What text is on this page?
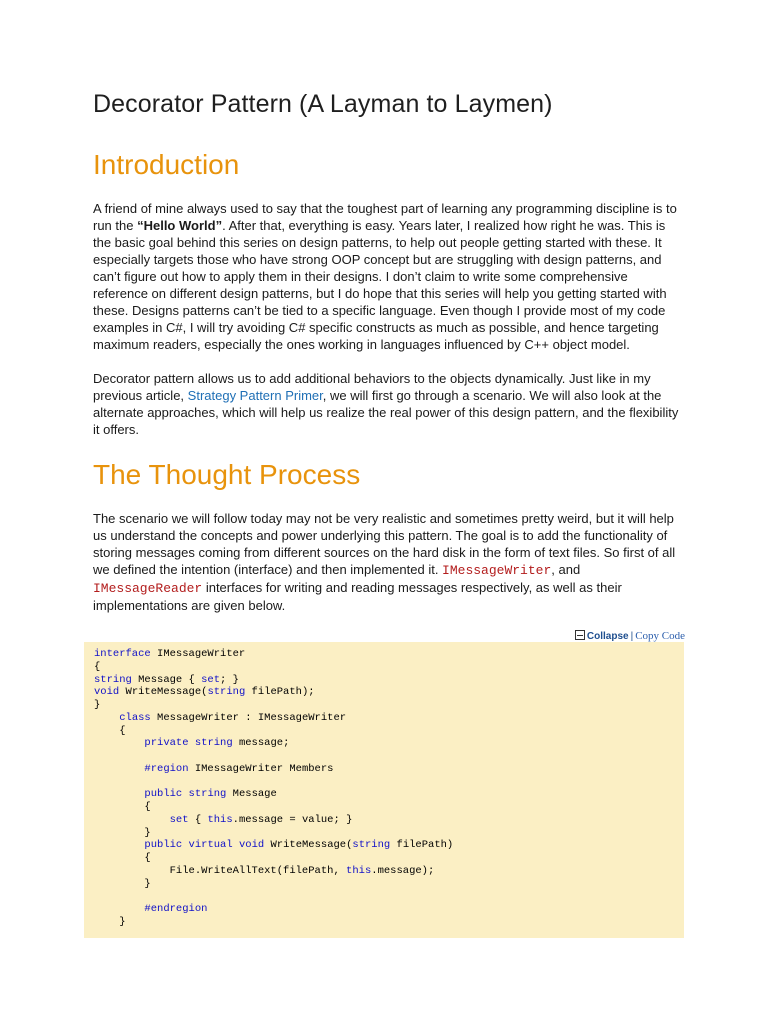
Decorator Pattern (A Layman to Laymen)
Introduction

A friend of mine always used to say that the toughest part of learning any programming discipline is to run the “Hello World”. After that, everything is easy. Years later, I realized how right he was. This is the basic goal behind this series on design patterns, to help out people getting started with these. It especially targets those who have strong OOP concept but are struggling with design patterns, and can’t figure out how to apply them in their designs. I don’t claim to write some comprehensive reference on different design patterns, but I do hope that this series will help you getting started with these. Designs patterns can’t be tied to a specific language. Even though I provide most of my code examples in C#, I will try avoiding C# specific constructs as much as possible, and hence targeting maximum readers, especially the ones working in languages influenced by C++ object model.

Decorator pattern allows us to add additional behaviors to the objects dynamically. Just like in my previous article, Strategy Pattern Primer, we will first go through a scenario. We will also look at the alternate approaches, which will help us realize the real power of this design pattern, and the flexibility it offers.

The Thought Process

The scenario we will follow today may not be very realistic and sometimes pretty weird, but it will help us understand the concepts and power underlying this pattern. The goal is to add the functionality of storing messages coming from different sources on the hard disk in the form of text files. So first of all we defined the intention (interface) and then implemented it. IMessageWriter, and IMessageReader interfaces for writing and reading messages respectively, as well as their implementations are given below.

Collapse | Copy Code
interface IMessageWriter
{
string Message { set; }
void WriteMessage(string filePath);
}
class MessageWriter : IMessageWriter
{
private string message;

#region IMessageWriter Members

public string Message
{
set { this.message = value; }
}
public virtual void WriteMessage(string filePath)
{
File.WriteAllText(filePath, this.message);
}

#endregion
}
